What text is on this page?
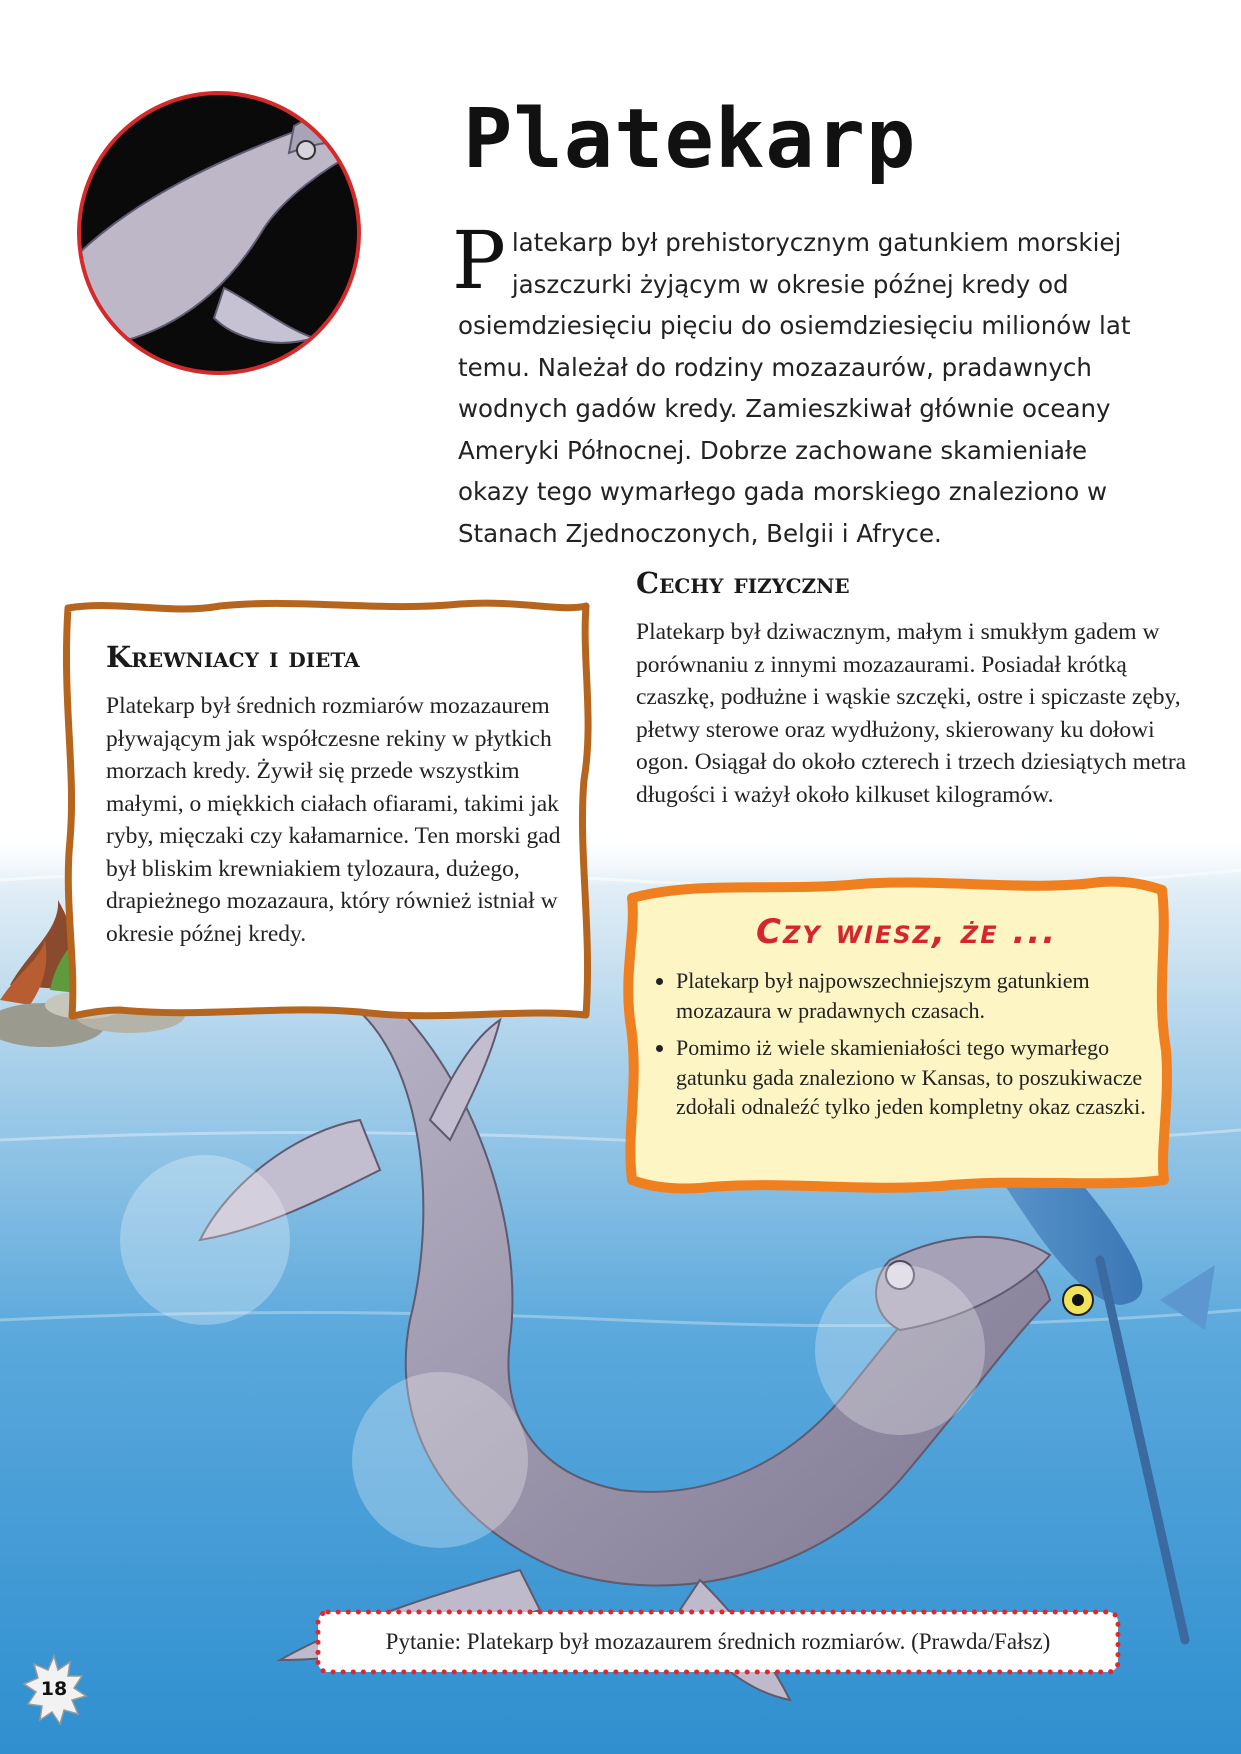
Platekarp

Platekarp był prehistorycznym gatunkiem morskiej jaszczurki żyjącym w okresie późnej kredy od osiemdziesięciu pięciu do osiemdziesięciu milionów lat temu. Należał do rodziny mozazaurów, pradawnych wodnych gadów kredy. Zamieszkiwał głównie oceany Ameryki Północnej. Dobrze zachowane skamieniałe okazy tego wymarłego gada morskiego znaleziono w Stanach Zjednoczonych, Belgii i Afryce.

Cechy fizyczne

Platekarp był dziwacznym, małym i smukłym gadem w porównaniu z innymi mozazaurami. Posiadał krótką czaszkę, podłużne i wąskie szczęki, ostre i spiczaste zęby, płetwy sterowe oraz wydłużony, skierowany ku dołowi ogon. Osiągał do około czterech i trzech dziesiątych metra długości i ważył około kilkuset kilogramów.

Krewniacy i dieta

Platekarp był średnich rozmiarów mozazaurem pływającym jak współczesne rekiny w płytkich morzach kredy. Żywił się przede wszystkim małymi, o miękkich ciałach ofiarami, takimi jak ryby, mięczaki czy kałamarnice. Ten morski gad był bliskim krewniakiem tylozaura, dużego, drapieżnego mozazaura, który również istniał w okresie późnej kredy.	Czy wiesz, że ...
• Platekarp był najpowszechniejszym gatunkiem mozazaura w pradawnych czasach.
• Pomimo iż wiele skamieniałości tego wymarłego gatunku gada znaleziono w Kansas, to poszukiwacze zdołali odnaleźć tylko jeden kompletny okaz czaszki.
Pytanie: Platekarp był mozazaurem średnich rozmiarów. (Prawda/Fałsz)
18
